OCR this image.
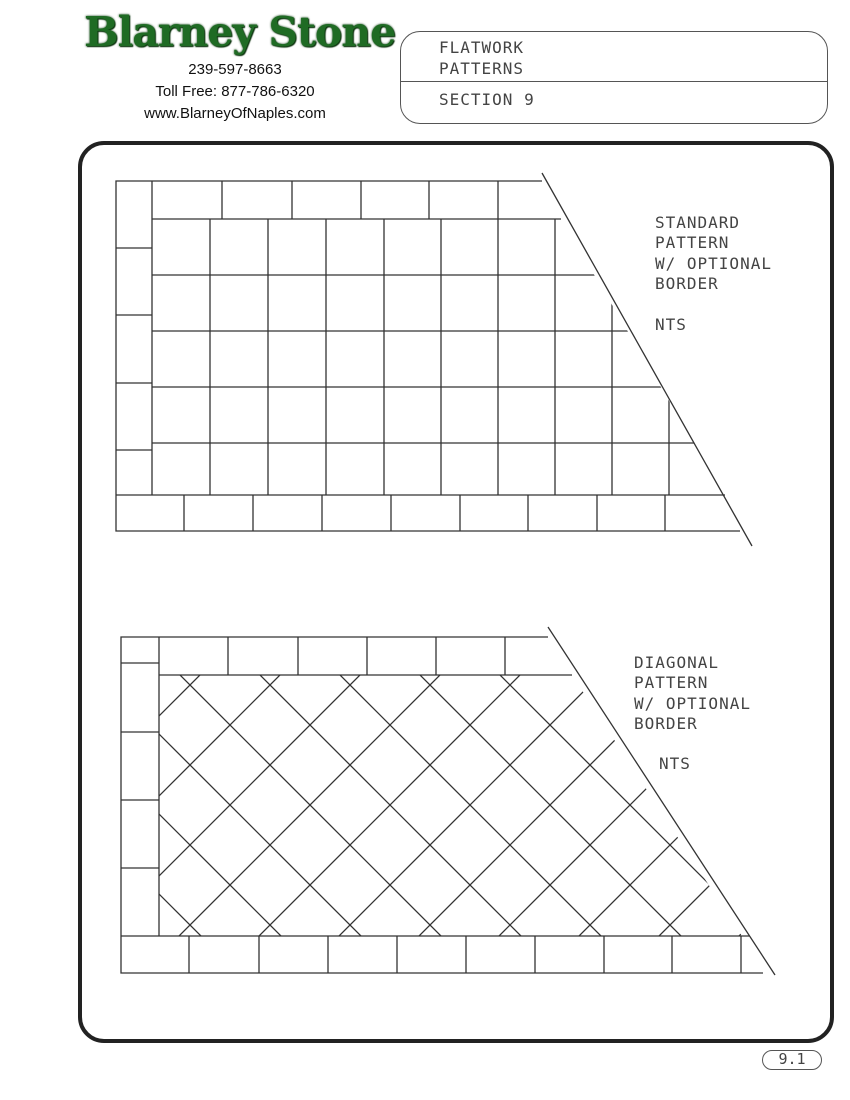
Blarney Stone
239-597-8663
Toll Free: 877-786-6320
www.BlarneyOfNaples.com
FLATWORK
PATTERNS
SECTION 9
STANDARD
PATTERN
W/ OPTIONAL
BORDER
NTS
DIAGONAL
PATTERN
W/ OPTIONAL
BORDER
NTS
9.1
